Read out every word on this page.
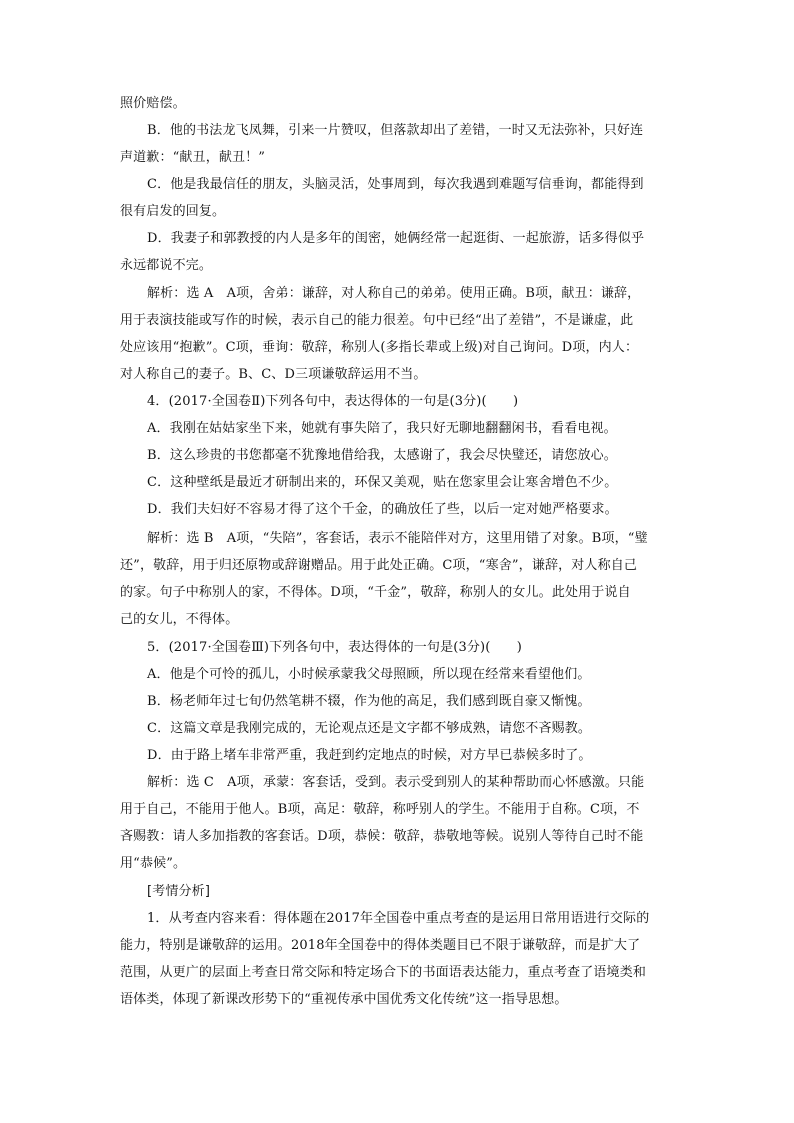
照价赔偿。
B．他的书法龙飞凤舞，引来一片赞叹，但落款却出了差错，一时又无法弥补，只好连
声道歉：“献丑，献丑！”
C．他是我最信任的朋友，头脑灵活，处事周到，每次我遇到难题写信垂询，都能得到
很有启发的回复。
D．我妻子和郭教授的内人是多年的闺密，她俩经常一起逛街、一起旅游，话多得似乎
永远都说不完。
解析：选 A　A项，舍弟：谦辞，对人称自己的弟弟。使用正确。B项，献丑：谦辞，
用于表演技能或写作的时候，表示自己的能力很差。句中已经“出了差错”，不是谦虚，此
处应该用“抱歉”。C项，垂询：敬辞，称别人(多指长辈或上级)对自己询问。D项，内人：
对人称自己的妻子。B、C、D三项谦敬辞运用不当。
4．(2017·全国卷Ⅱ)下列各句中，表达得体的一句是(3分)(　　)
A．我刚在姑姑家坐下来，她就有事失陪了，我只好无聊地翻翻闲书，看看电视。
B．这么珍贵的书您都毫不犹豫地借给我，太感谢了，我会尽快璧还，请您放心。
C．这种壁纸是最近才研制出来的，环保又美观，贴在您家里会让寒舍增色不少。
D．我们夫妇好不容易才得了这个千金，的确放任了些，以后一定对她严格要求。
解析：选 B　A项，“失陪”，客套话，表示不能陪伴对方，这里用错了对象。B项，“璧
还”，敬辞，用于归还原物或辞谢赠品。用于此处正确。C项，“寒舍”，谦辞，对人称自己
的家。句子中称别人的家，不得体。D项，“千金”，敬辞，称别人的女儿。此处用于说自
己的女儿，不得体。
5．(2017·全国卷Ⅲ)下列各句中，表达得体的一句是(3分)(　　)
A．他是个可怜的孤儿，小时候承蒙我父母照顾，所以现在经常来看望他们。
B．杨老师年过七旬仍然笔耕不辍，作为他的高足，我们感到既自豪又惭愧。
C．这篇文章是我刚完成的，无论观点还是文字都不够成熟，请您不吝赐教。
D．由于路上堵车非常严重，我赶到约定地点的时候，对方早已恭候多时了。
解析：选 C　A项，承蒙：客套话，受到。表示受到别人的某种帮助而心怀感激。只能
用于自己，不能用于他人。B项，高足：敬辞，称呼别人的学生。不能用于自称。C项，不
吝赐教：请人多加指教的客套话。D项，恭候：敬辞，恭敬地等候。说别人等待自己时不能
用“恭候”。
[考情分析]
1．从考查内容来看：得体题在2017年全国卷中重点考查的是运用日常用语进行交际的
能力，特别是谦敬辞的运用。2018年全国卷中的得体类题目已不限于谦敬辞，而是扩大了
范围，从更广的层面上考查日常交际和特定场合下的书面语表达能力，重点考查了语境类和
语体类，体现了新课改形势下的“重视传承中国优秀文化传统”这一指导思想。
